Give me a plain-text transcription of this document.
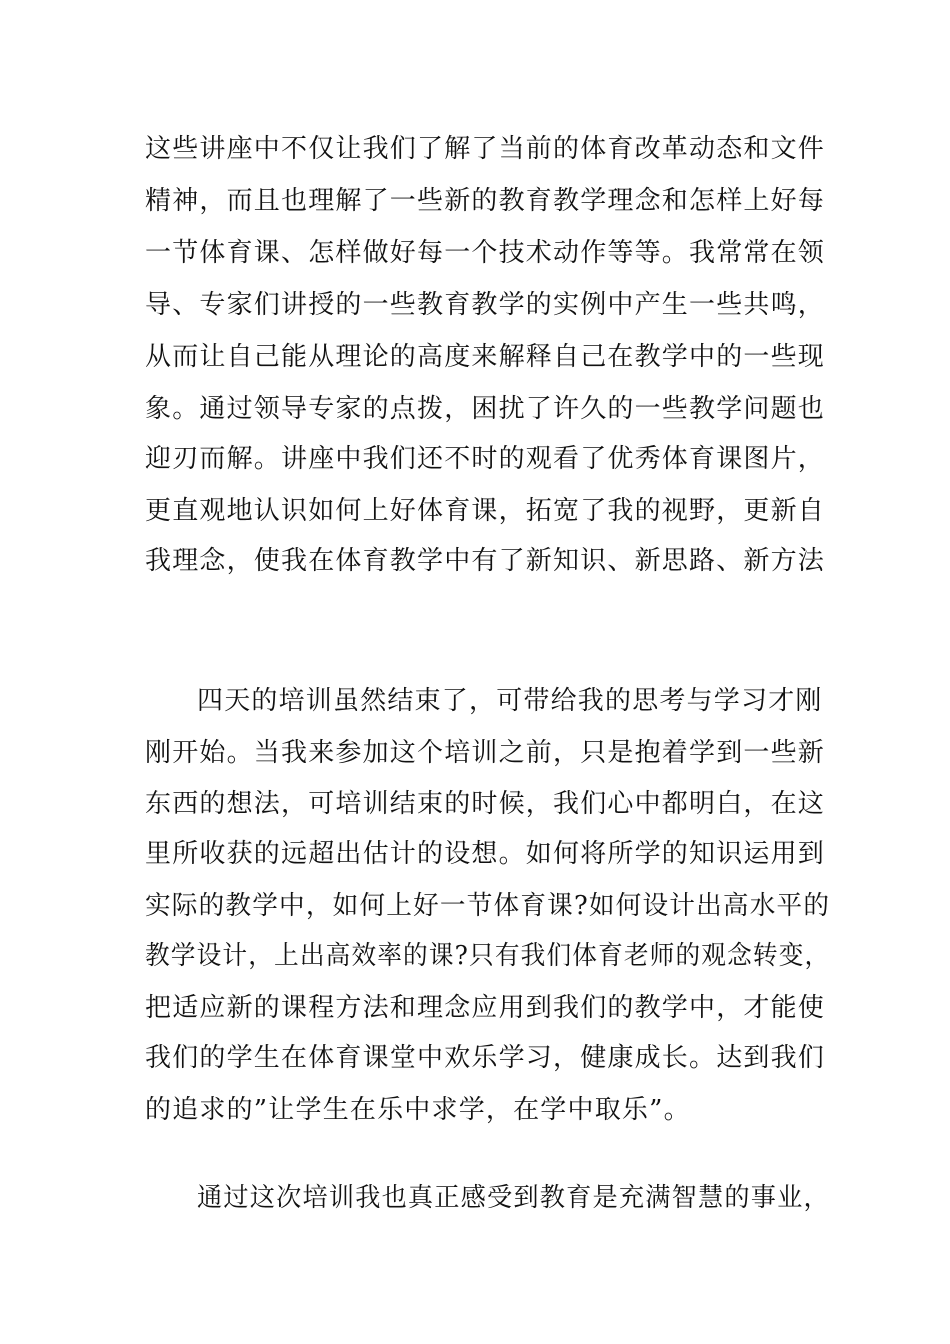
这些讲座中不仅让我们了解了当前的体育改革动态和文件
精神，而且也理解了一些新的教育教学理念和怎样上好每
一节体育课、怎样做好每一个技术动作等等。我常常在领
导、专家们讲授的一些教育教学的实例中产生一些共鸣，
从而让自己能从理论的高度来解释自己在教学中的一些现
象。通过领导专家的点拨，困扰了许久的一些教学问题也
迎刃而解。讲座中我们还不时的观看了优秀体育课图片，
更直观地认识如何上好体育课，拓宽了我的视野，更新自
我理念，使我在体育教学中有了新知识、新思路、新方法
四天的培训虽然结束了，可带给我的思考与学习才刚
刚开始。当我来参加这个培训之前，只是抱着学到一些新
东西的想法，可培训结束的时候，我们心中都明白，在这
里所收获的远超出估计的设想。如何将所学的知识运用到
实际的教学中，如何上好一节体育课?如何设计出高水平的
教学设计，上出高效率的课?只有我们体育老师的观念转变，
把适应新的课程方法和理念应用到我们的教学中，才能使
我们的学生在体育课堂中欢乐学习，健康成长。达到我们
的追求的”让学生在乐中求学，在学中取乐”。
通过这次培训我也真正感受到教育是充满智慧的事业，
